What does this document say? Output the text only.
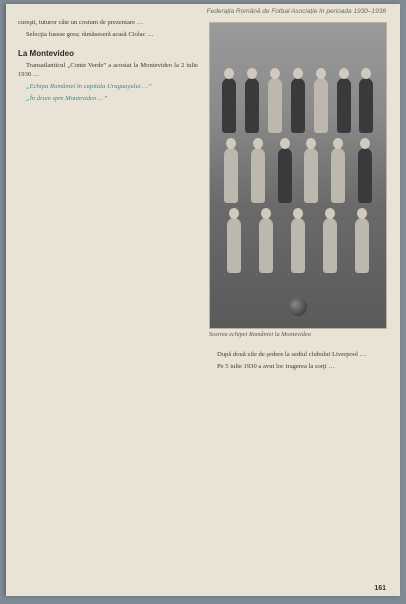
Federația Română de Fotbal Asociație în perioada 1930–1938

cureşti, tuturor câte un costum de prezentare …

Selecţia fusese grea; rămăseseră acasă Ciolac …

La Montevideo

Transatlanticul „Conte Verde” a acostat la Montevideo la 2 iulie 1930 …

„Echipa României în capitala Uruguayului …”

„În drum spre Montevideo …”

Sosirea echipei României la Montevideo

După două zile de şedere la sediul clubului Liverpool …

Pe 5 iulie 1930 a avut loc tragerea la sorţi …

161
